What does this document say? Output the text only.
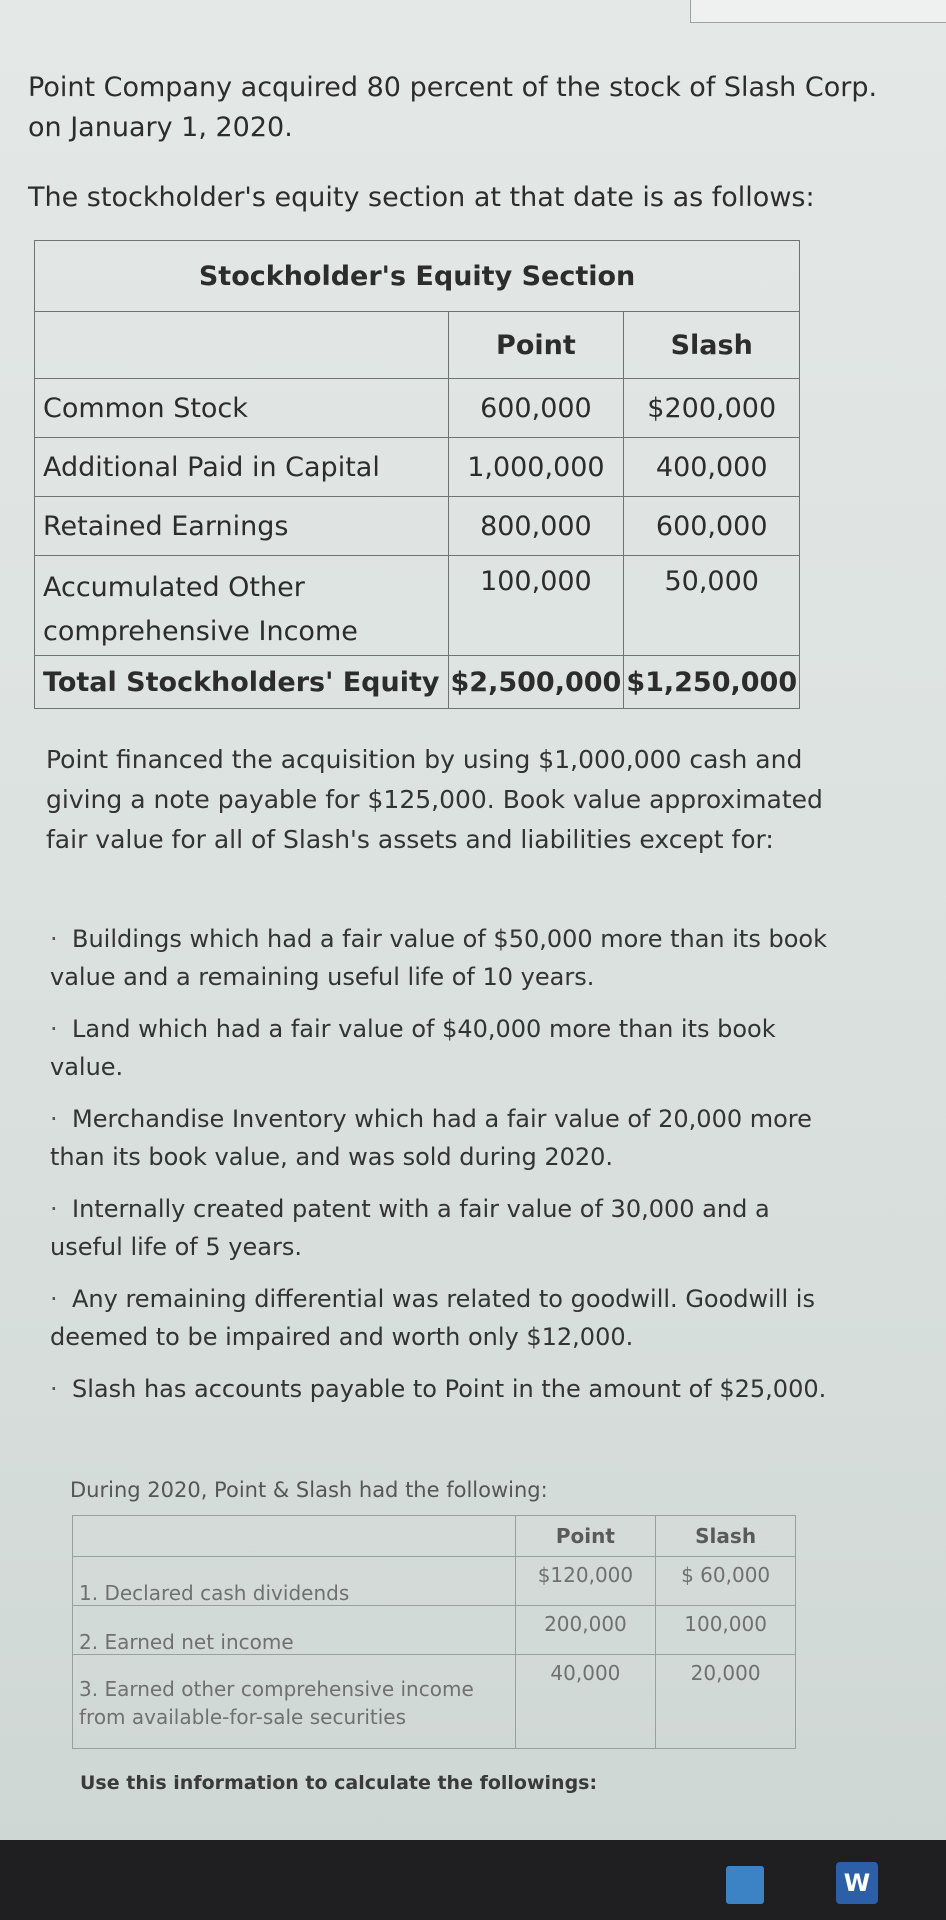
Point Company acquired 80 percent of the stock of Slash Corp. on January 1, 2020.
The stockholder's equity section at that date is as follows:
Stockholder's Equity Section		
	Point	Slash
Common Stock	600,000	$200,000
Additional Paid in Capital	1,000,000	400,000
Retained Earnings	800,000	600,000
Accumulated Other comprehensive Income	100,000	50,000
Total Stockholders' Equity	$2,500,000	$1,250,000
Point financed the acquisition by using $1,000,000 cash and giving a note payable for $125,000. Book value approximated fair value for all of Slash's assets and liabilities except for:
· Buildings which had a fair value of $50,000 more than its book value and a remaining useful life of 10 years.
· Land which had a fair value of $40,000 more than its book value.
· Merchandise Inventory which had a fair value of 20,000 more than its book value, and was sold during 2020.
· Internally created patent with a fair value of 30,000 and a useful life of 5 years.
· Any remaining differential was related to goodwill. Goodwill is deemed to be impaired and worth only $12,000.
· Slash has accounts payable to Point in the amount of $25,000.
During 2020, Point & Slash had the following:
	Point	Slash
1. Declared cash dividends	$120,000	$ 60,000
2. Earned net income	200,000	100,000
3. Earned other comprehensive income from available-for-sale securities	40,000	20,000
Use this information to calculate the followings:
W
